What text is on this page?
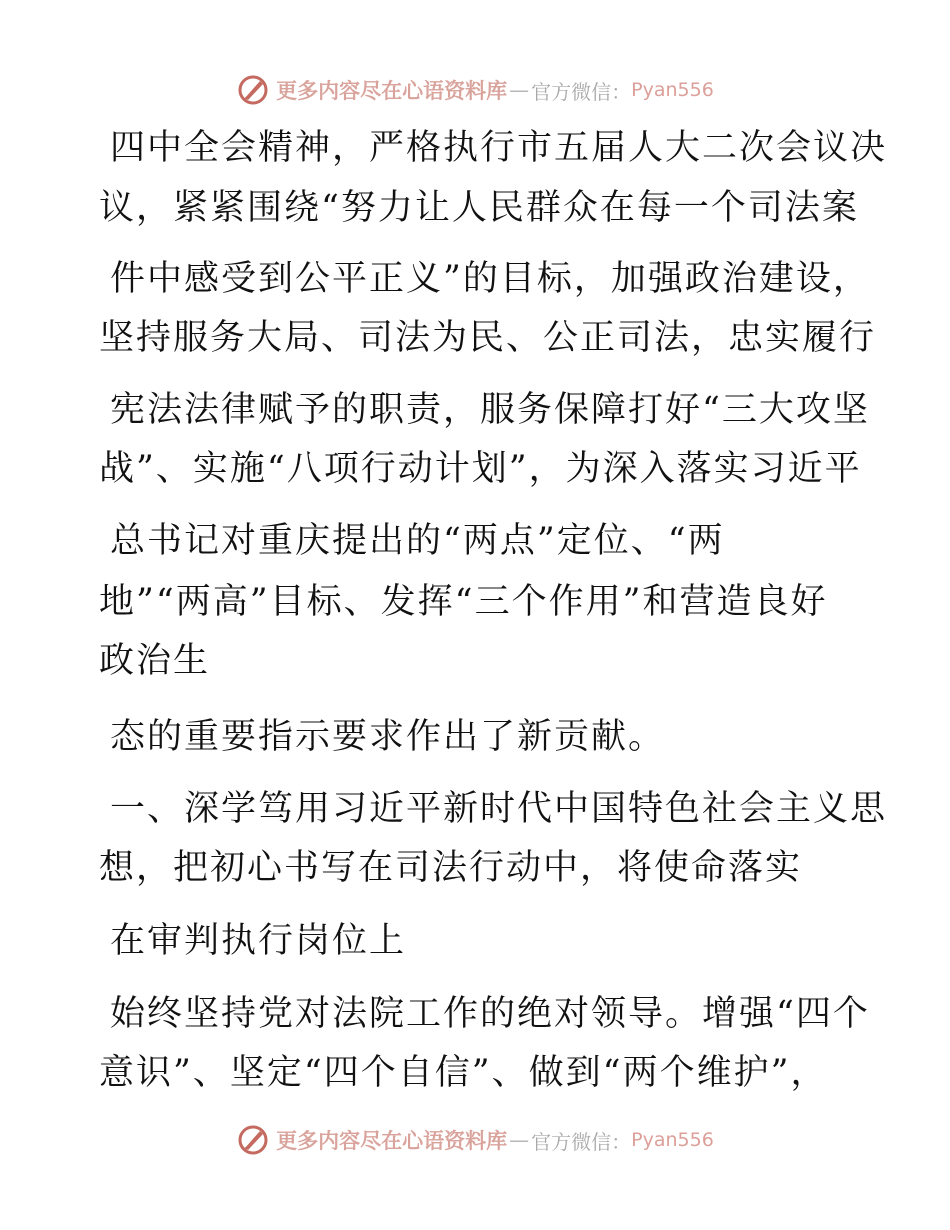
更多内容尽在心语资料库 — 官方微信： Pyan556
四中全会精神，严格执行市五届人大二次会议决
议，紧紧围绕“努力让人民群众在每一个司法案
件中感受到公平正义”的目标，加强政治建设，
坚持服务大局、司法为民、公正司法，忠实履行
宪法法律赋予的职责，服务保障打好“三大攻坚
战”、实施“八项行动计划”，为深入落实习近平
总书记对重庆提出的“两点”定位、“两
地”“两高”目标、发挥“三个作用”和营造良好
政治生
态的重要指示要求作出了新贡献。
一、深学笃用习近平新时代中国特色社会主义思
想，把初心书写在司法行动中，将使命落实
在审判执行岗位上
始终坚持党对法院工作的绝对领导。增强“四个
意识”、坚定“四个自信”、做到“两个维护”，
更多内容尽在心语资料库 — 官方微信： Pyan556
